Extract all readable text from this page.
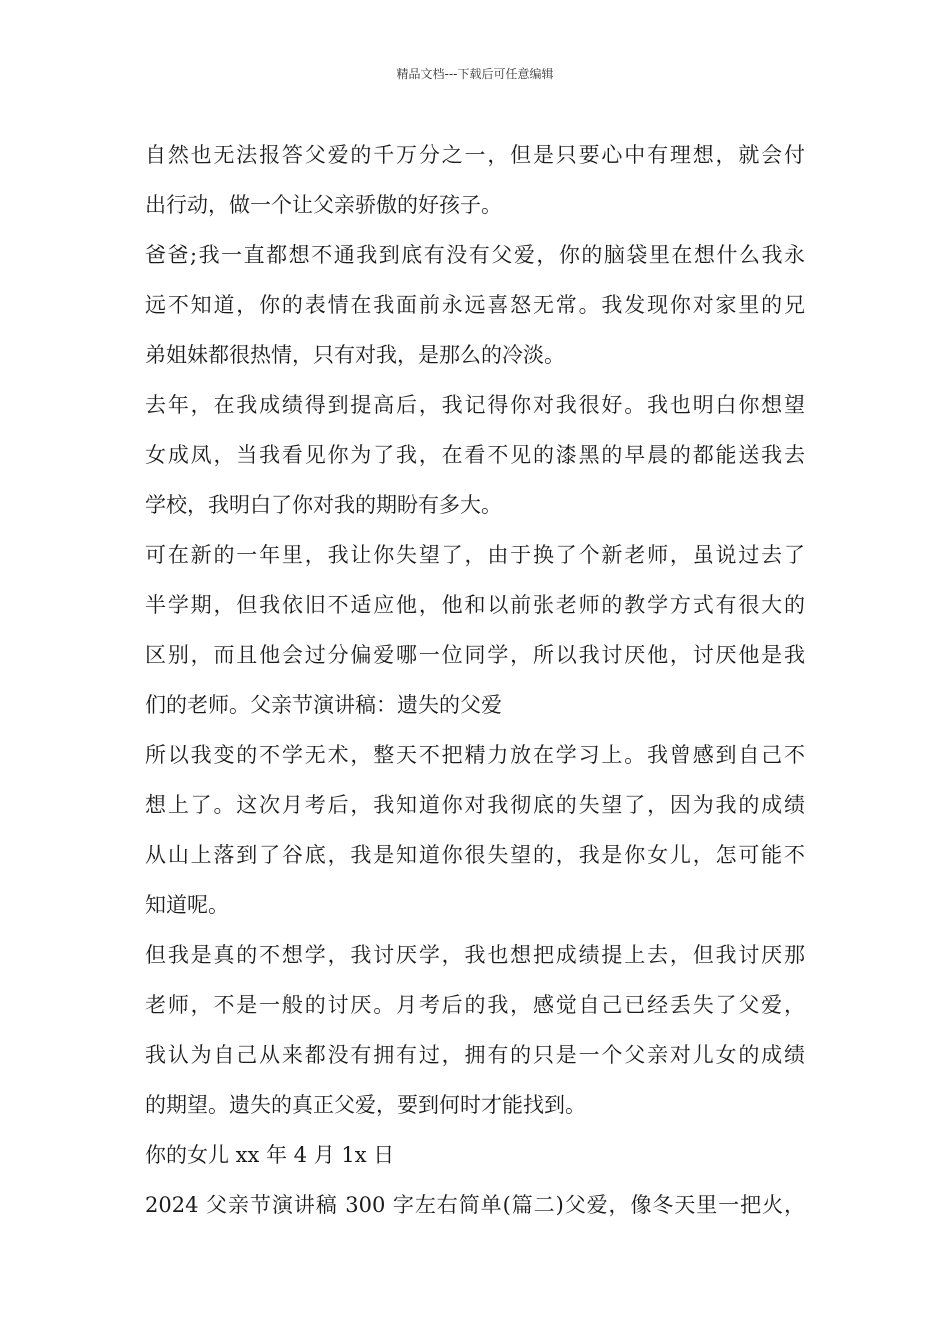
精品文档---下载后可任意编辑
自然也无法报答父爱的千万分之一，但是只要心中有理想，就会付
出行动，做一个让父亲骄傲的好孩子。
爸爸;我一直都想不通我到底有没有父爱，你的脑袋里在想什么我永
远不知道，你的表情在我面前永远喜怒无常。我发现你对家里的兄
弟姐妹都很热情，只有对我，是那么的冷淡。
去年，在我成绩得到提高后，我记得你对我很好。我也明白你想望
女成凤，当我看见你为了我，在看不见的漆黑的早晨的都能送我去
学校，我明白了你对我的期盼有多大。
可在新的一年里，我让你失望了，由于换了个新老师，虽说过去了
半学期，但我依旧不适应他，他和以前张老师的教学方式有很大的
区别，而且他会过分偏爱哪一位同学，所以我讨厌他，讨厌他是我
们的老师。父亲节演讲稿：遗失的父爱
所以我变的不学无术，整天不把精力放在学习上。我曾感到自己不
想上了。这次月考后，我知道你对我彻底的失望了，因为我的成绩
从山上落到了谷底，我是知道你很失望的，我是你女儿，怎可能不
知道呢。
但我是真的不想学，我讨厌学，我也想把成绩提上去，但我讨厌那
老师，不是一般的讨厌。月考后的我，感觉自己已经丢失了父爱，
我认为自己从来都没有拥有过，拥有的只是一个父亲对儿女的成绩
的期望。遗失的真正父爱，要到何时才能找到。
你的女儿 xx 年 4 月 1x 日
2024 父亲节演讲稿 300 字左右简单(篇二)父爱，像冬天里一把火，
